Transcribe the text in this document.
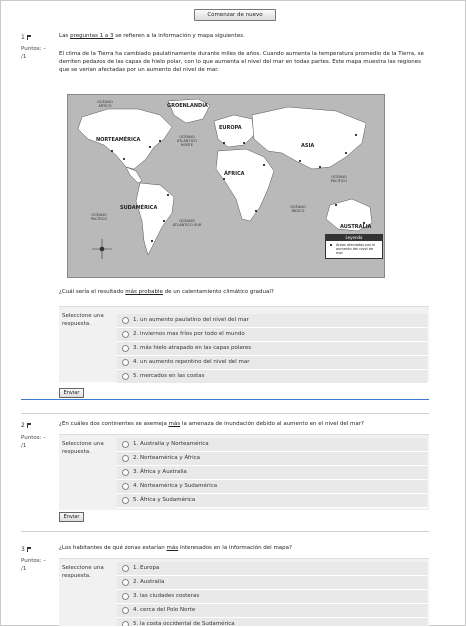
Comenzar de nuevo
1
Puntos: –
/1
Las preguntas 1 a 3 se refieren a la información y mapa siguientes.
El clima de la Tierra ha cambiado paulatinamente durante miles de años. Cuando aumenta la temperatura promedio de la Tierra, se derriten pedazos de las capas de hielo polar, con lo que aumenta el nivel del mar en todas partes. Este mapa muestra las regiones que se verían afectadas por un aumento del nivel de mar.
GROENLANDIA
EUROPA
NORTEAMÉRICA
ASIA
ÁFRICA
SUDAMÉRICA
AUSTRALIA
OCÉANO ÁRTICO
OCÉANO ATLÁNTICO NORTE
OCÉANO PACÍFICO	OCÉANO ATLÁNTICO SUR
OCÉANO ÍNDICO
OCÉANO PACÍFICO
Leyenda
Áreas afectadas por el aumento del nivel de mar
¿Cuál sería el resultado más probable de un calentamiento climático gradual?
Seleccione una respuesta.
1. un aumento paulatino del nivel del mar
2. inviernos mas fríos por todo el mundo
3. más hielo atrapado en las capas polares
4. un aumento repentino del nivel del mar
5. mercados en las costas
Enviar
2
Puntos: –
/1
¿En cuáles dos continentes se asemeja más la amenaza de inundación debido al aumento en el nivel del mar?
Seleccione una respuesta.
1. Australia y Norteamérica
2. Norteamérica y África
3. África y Australia
4. Norteamérica y Sudamérica
5. África y Sudamérica
Enviar
3
Puntos: –
/1
¿Los habitantes de qué zonas estarían más interesados en la información del mapa?
Seleccione una respuesta.
1. Europa
2. Australia
3. las ciudades costeras
4. cerca del Polo Norte
5. la costa occidental de Sudamérica
